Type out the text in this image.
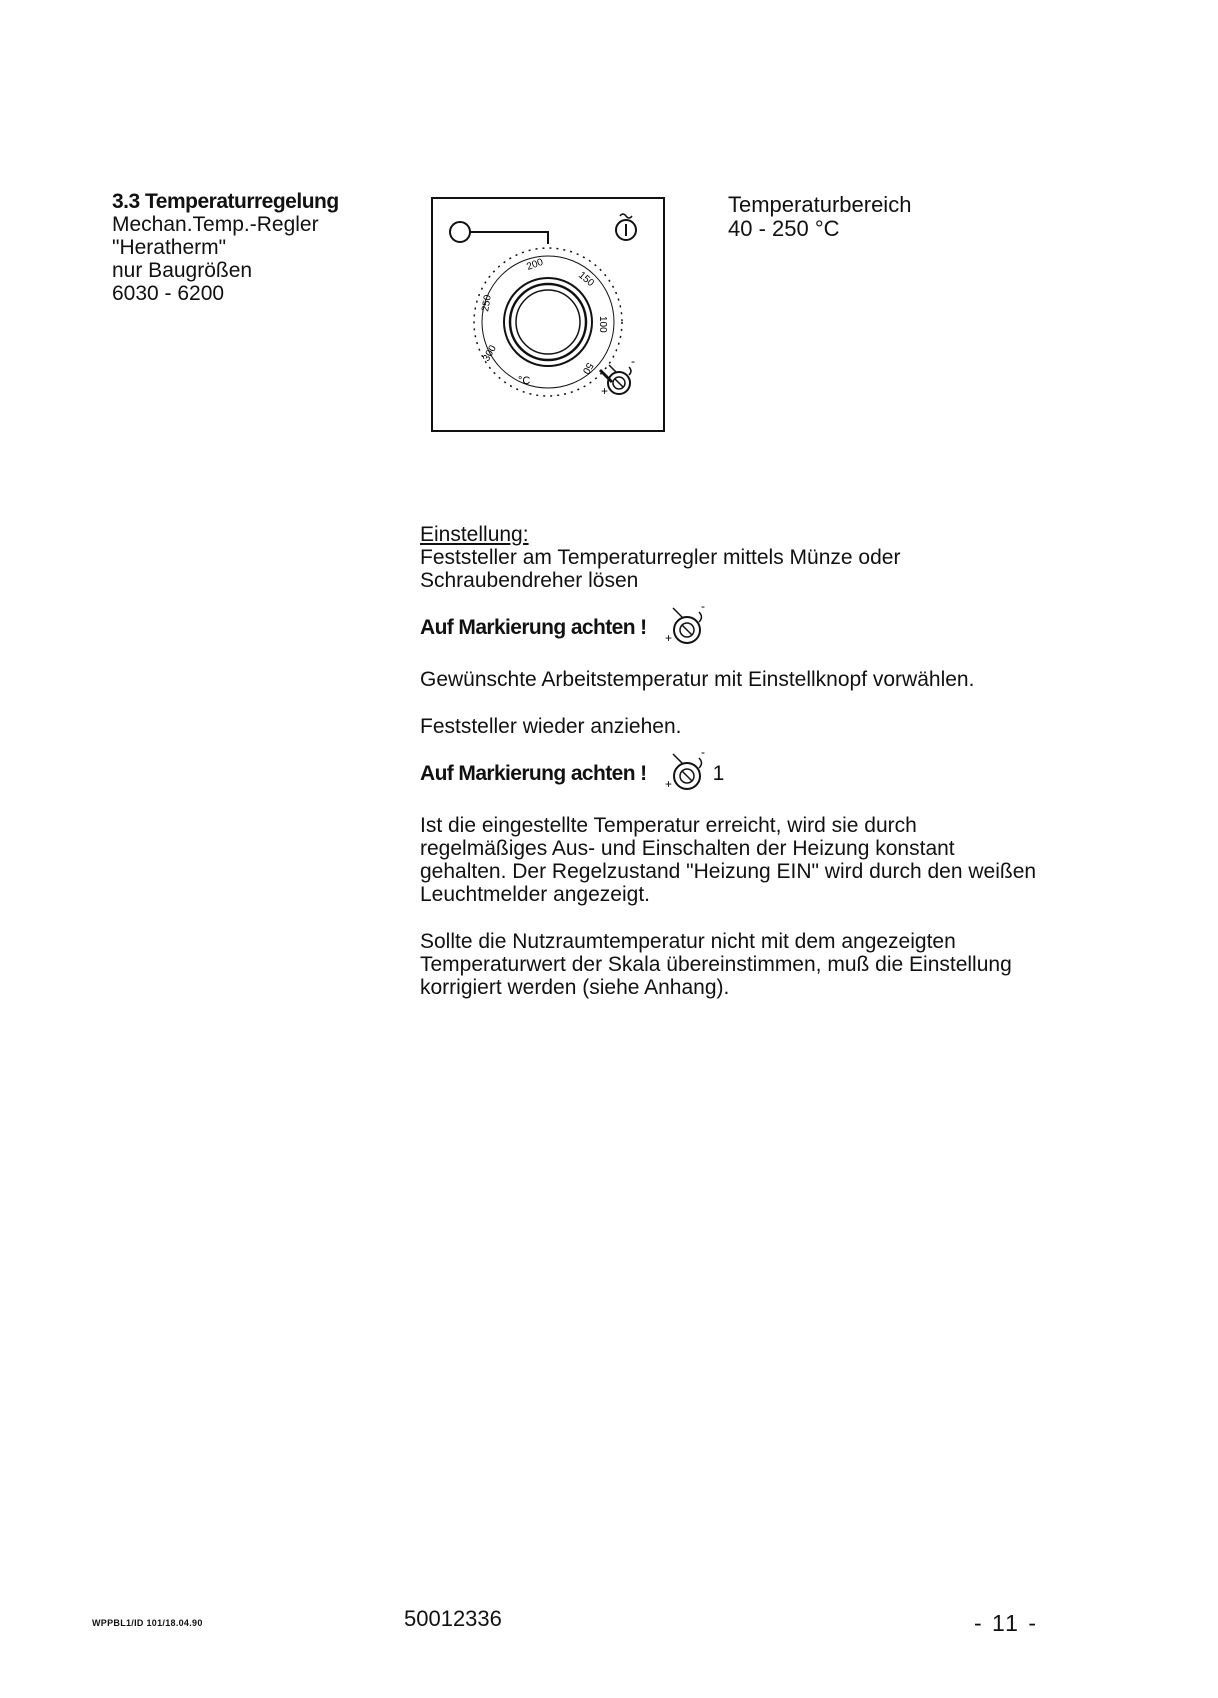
3.3 Temperaturregelung
Mechan.Temp.-Regler
"Heratherm"
nur Baugrößen
6030 - 6200
300
250
200
150
100
50
°C
+
-
Temperaturbereich
40 - 250 °C

Einstellung:

Feststeller am Temperaturregler mittels Münze oder Schraubendreher lösen

Auf Markierung achten ! +
-

Gewünschte Arbeitstemperatur mit Einstellknopf vorwählen.

Feststeller wieder anziehen.

Auf Markierung achten ! +
-
1

Ist die eingestellte Temperatur erreicht, wird sie durch regelmäßiges Aus- und Einschalten der Heizung konstant gehalten. Der Regelzustand "Heizung EIN" wird durch den weißen Leuchtmelder angezeigt.

Sollte die Nutzraumtemperatur nicht mit dem angezeigten Temperaturwert der Skala übereinstimmen, muß die Einstellung korrigiert werden (siehe Anhang).

WPPBL1/ID 101/18.04.90	50012336	- 11 -
